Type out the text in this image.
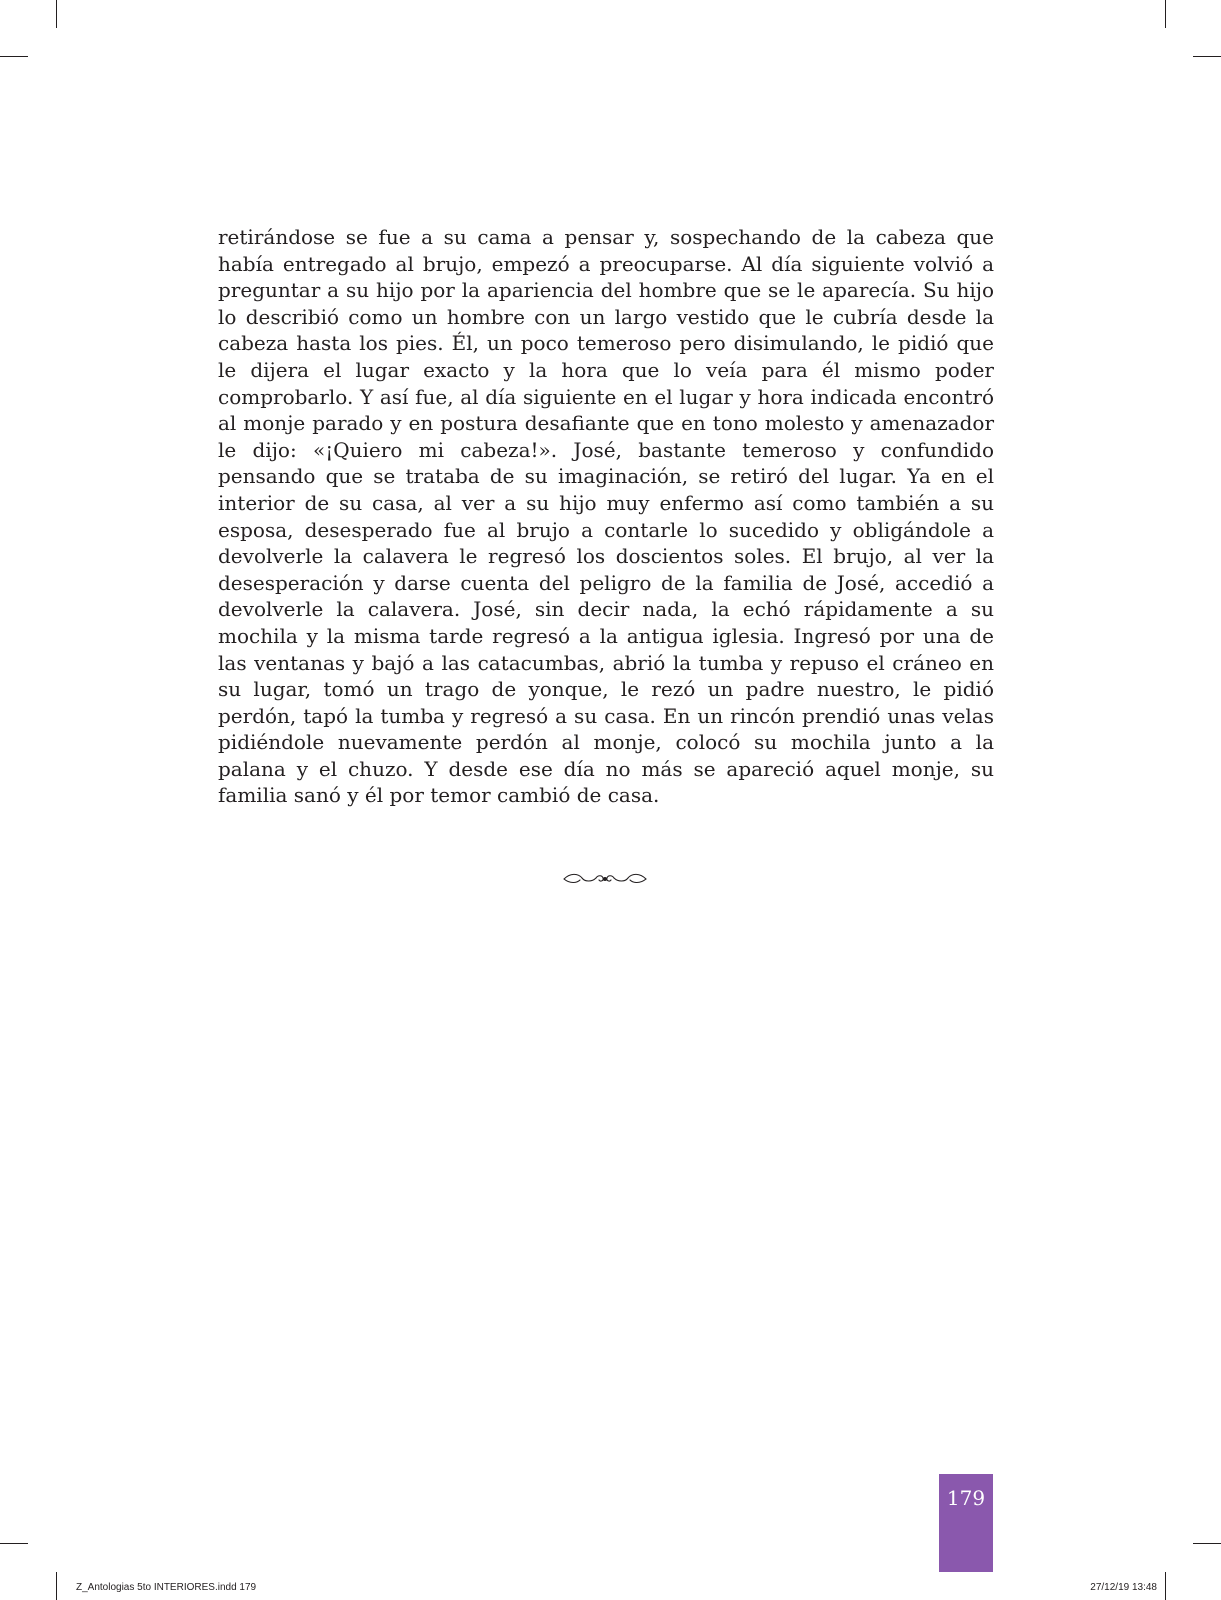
retirándose se fue a su cama a pensar y, sospechando de la cabeza que había entregado al brujo, empezó a preocuparse. Al día siguiente volvió a preguntar a su hijo por la apariencia del hombre que se le aparecía. Su hijo lo describió como un hombre con un largo vestido que le cubría desde la cabeza hasta los pies. Él, un poco temeroso pero disimulando, le pidió que le dijera el lugar exacto y la hora que lo veía para él mismo poder comprobarlo. Y así fue, al día siguiente en el lugar y hora indicada encontró al monje parado y en postura desafiante que en tono molesto y amenazador le dijo: «¡Quiero mi cabeza!». José, bastante temeroso y confundido pensando que se trataba de su imaginación, se retiró del lugar. Ya en el interior de su casa, al ver a su hijo muy enfermo así como también a su esposa, desesperado fue al brujo a contarle lo sucedido y obligándole a devolverle la calavera le regresó los doscientos soles. El brujo, al ver la desesperación y darse cuenta del peligro de la familia de José, accedió a devolverle la calavera. José, sin decir nada, la echó rápidamente a su mochila y la misma tarde regresó a la antigua iglesia. Ingresó por una de las ventanas y bajó a las catacumbas, abrió la tumba y repuso el cráneo en su lugar, tomó un trago de yonque, le rezó un padre nuestro, le pidió perdón, tapó la tumba y regresó a su casa. En un rincón prendió unas velas pidiéndole nuevamente perdón al monje, colocó su mochila junto a la palana y el chuzo. Y desde ese día no más se apareció aquel monje, su familia sanó y él por temor cambió de casa.

179
Z_Antologias 5to INTERIORES.indd 179	27/12/19 13:48
